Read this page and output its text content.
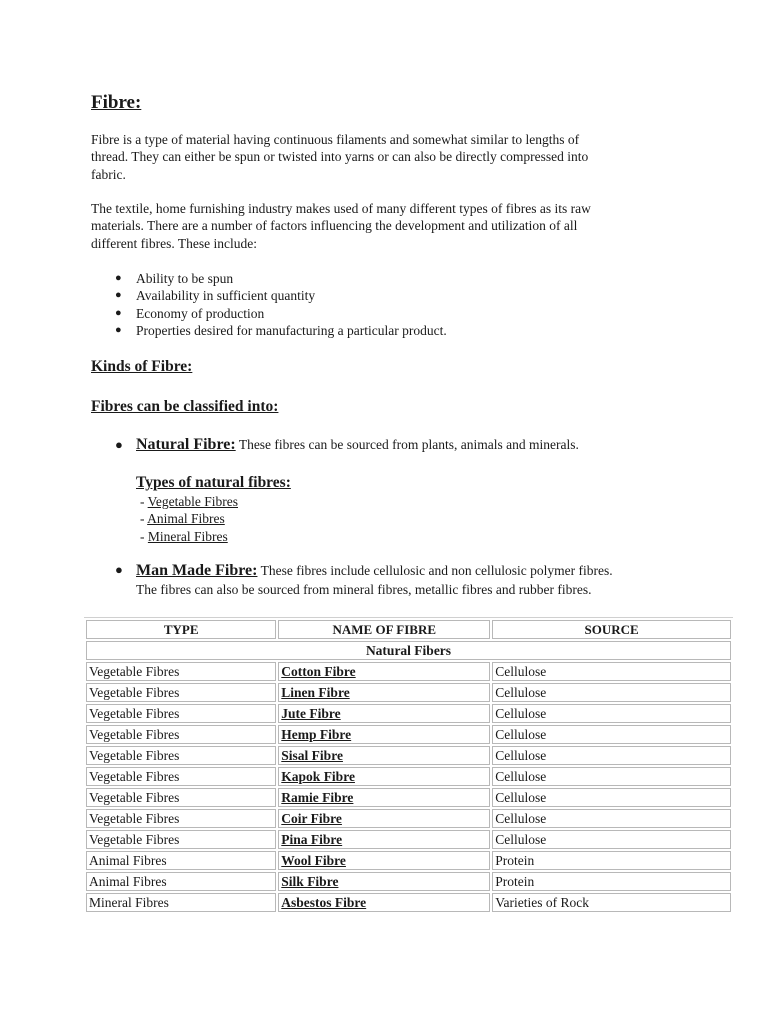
Fibre:
Fibre is a type of material having continuous filaments and somewhat similar to lengths of
thread. They can either be spun or twisted into yarns or can also be directly compressed into
fabric.
The textile, home furnishing industry makes used of many different types of fibres as its raw
materials. There are a number of factors influencing the development and utilization of all
different fibres. These include:
● Ability to be spun
● Availability in sufficient quantity
● Economy of production
● Properties desired for manufacturing a particular product.
Kinds of Fibre:
Fibres can be classified into:
● Natural Fibre: These fibres can be sourced from plants, animals and minerals.
Types of natural fibres:
- Vegetable Fibres
- Animal Fibres
- Mineral Fibres
● Man Made Fibre: These fibres include cellulosic and non cellulosic polymer fibres.
The fibres can also be sourced from mineral fibres, metallic fibres and rubber fibres.
TYPE	NAME OF FIBRE	SOURCE
Natural Fibers		
Vegetable Fibres	Cotton Fibre	Cellulose
Vegetable Fibres	Linen Fibre	Cellulose
Vegetable Fibres	Jute Fibre	Cellulose
Vegetable Fibres	Hemp Fibre	Cellulose
Vegetable Fibres	Sisal Fibre	Cellulose
Vegetable Fibres	Kapok Fibre	Cellulose
Vegetable Fibres	Ramie Fibre	Cellulose
Vegetable Fibres	Coir Fibre	Cellulose
Vegetable Fibres	Pina Fibre	Cellulose
Animal Fibres	Wool Fibre	Protein
Animal Fibres	Silk Fibre	Protein
Mineral Fibres	Asbestos Fibre	Varieties of Rock
